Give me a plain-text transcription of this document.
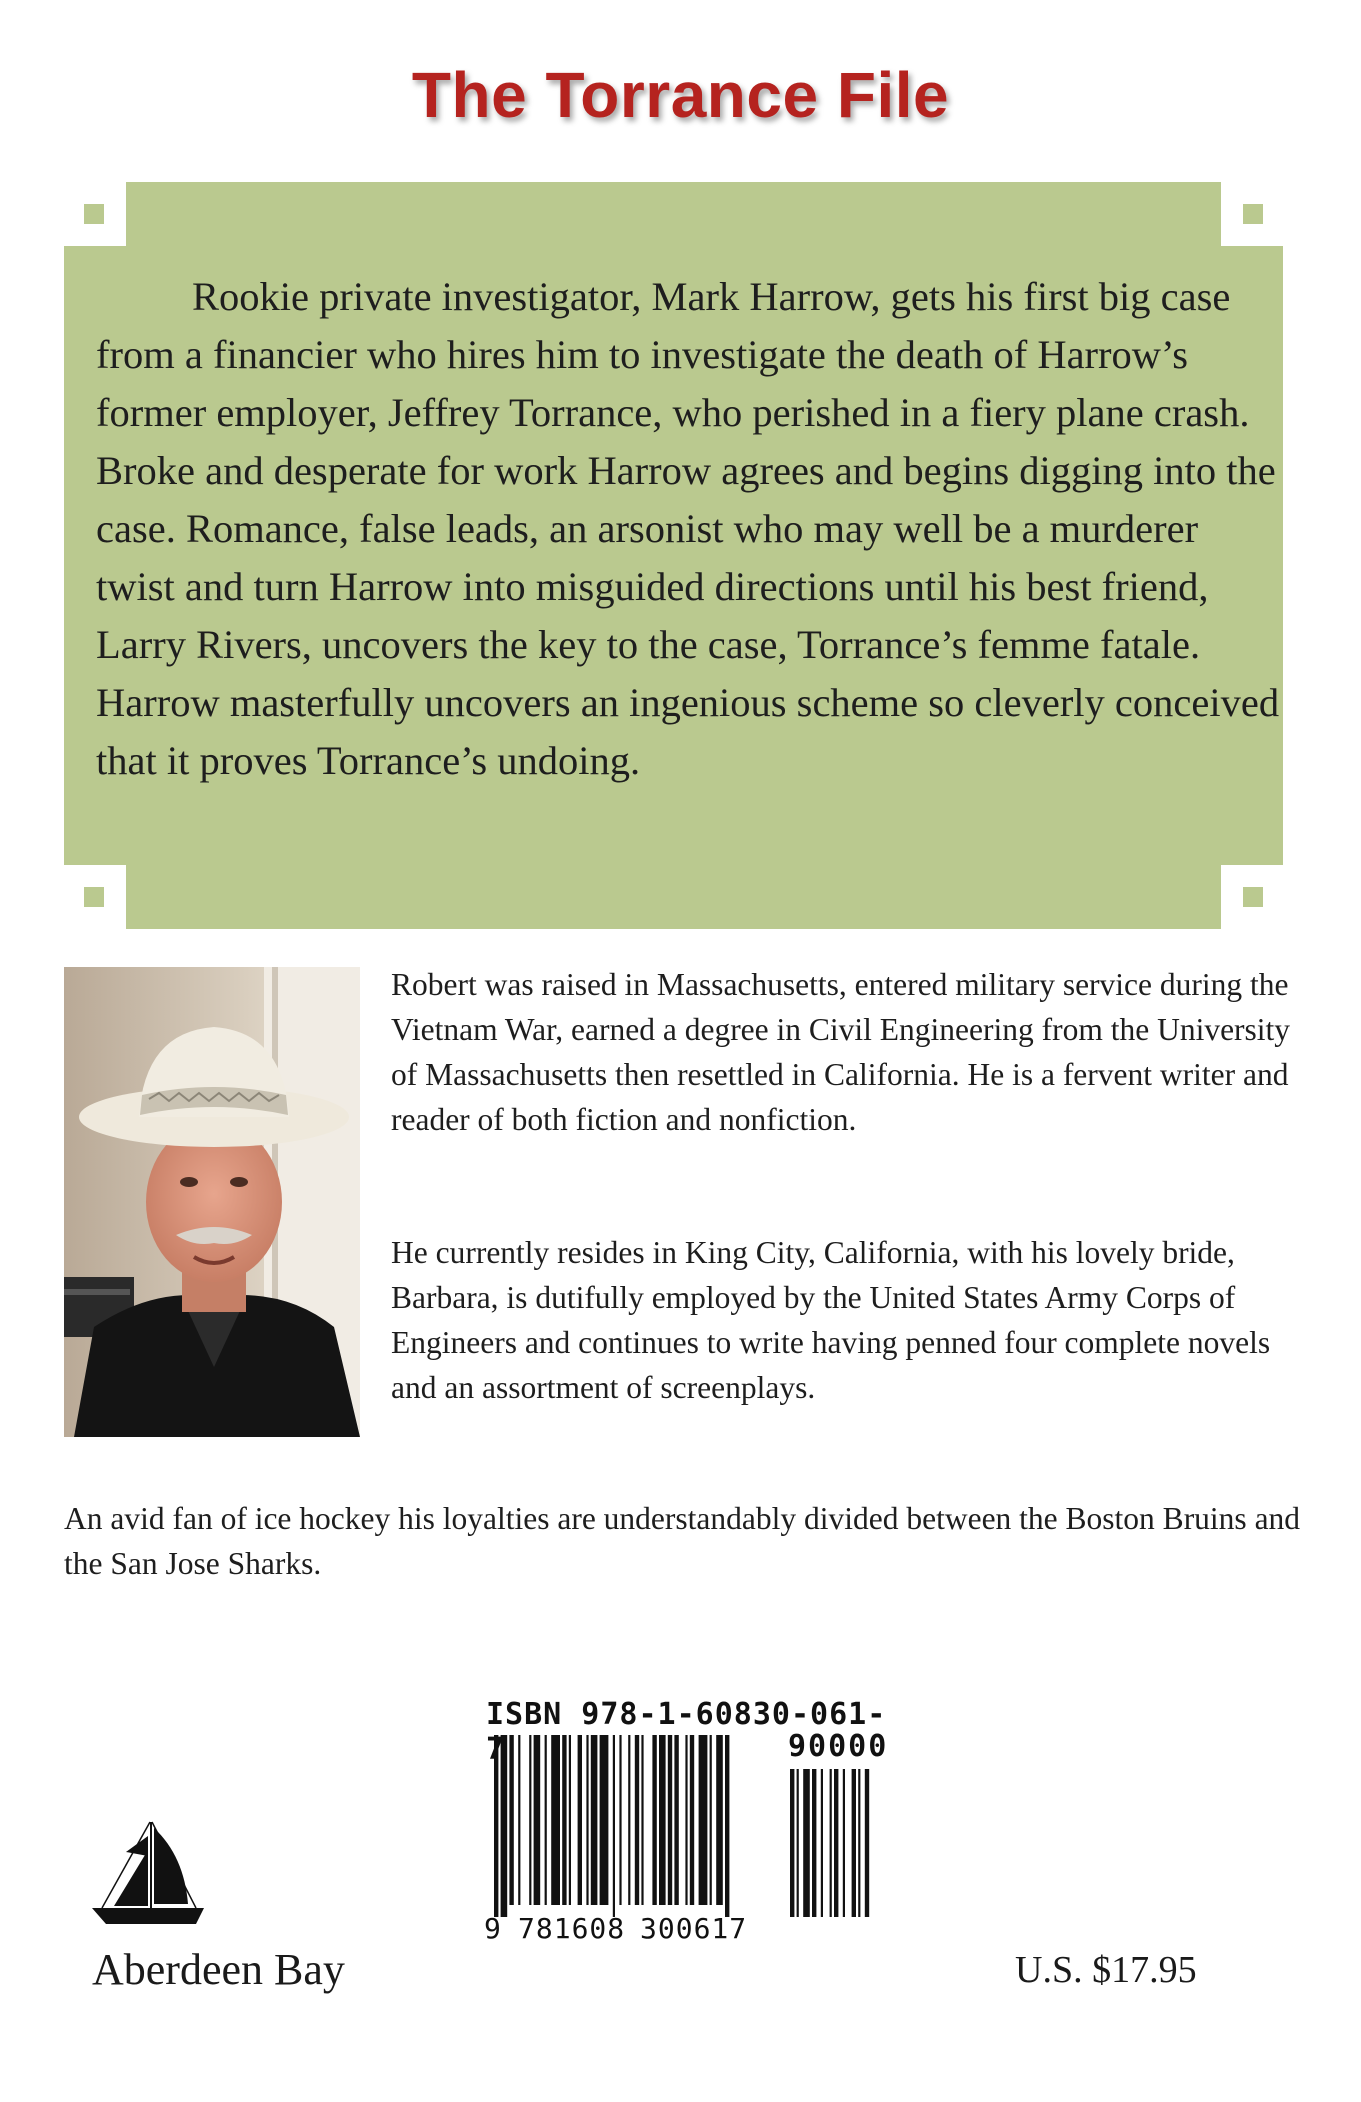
The Torrance File

Rookie private investigator, Mark Harrow, gets his first big case from a financier who hires him to investigate the death of Harrow’s former employer, Jeffrey Torrance, who perished in a fiery plane crash. Broke and desperate for work Harrow agrees and begins digging into the case. Romance, false leads, an arsonist who may well be a murderer twist and turn Harrow into misguided directions until his best friend, Larry Rivers, uncovers the key to the case, Torrance’s femme fatale. Harrow masterfully uncovers an ingenious scheme so cleverly conceived that it proves Torrance’s undoing.

Robert was raised in Massachusetts, entered military service during the Vietnam War, earned a degree in Civil Engineering from the University of Massachusetts then resettled in California. He is a fervent writer and reader of both fiction and nonfiction.

He currently resides in King City, California, with his lovely bride, Barbara, is dutifully employed by the United States Army Corps of Engineers and continues to write having penned four complete novels and an assortment of screenplays.

An avid fan of ice hockey his loyalties are understandably divided between the Boston Bruins and the San Jose Sharks.

ISBN 978-1-60830-061-7	90000
9 781608 300617
Aberdeen Bay	U.S. $17.95
